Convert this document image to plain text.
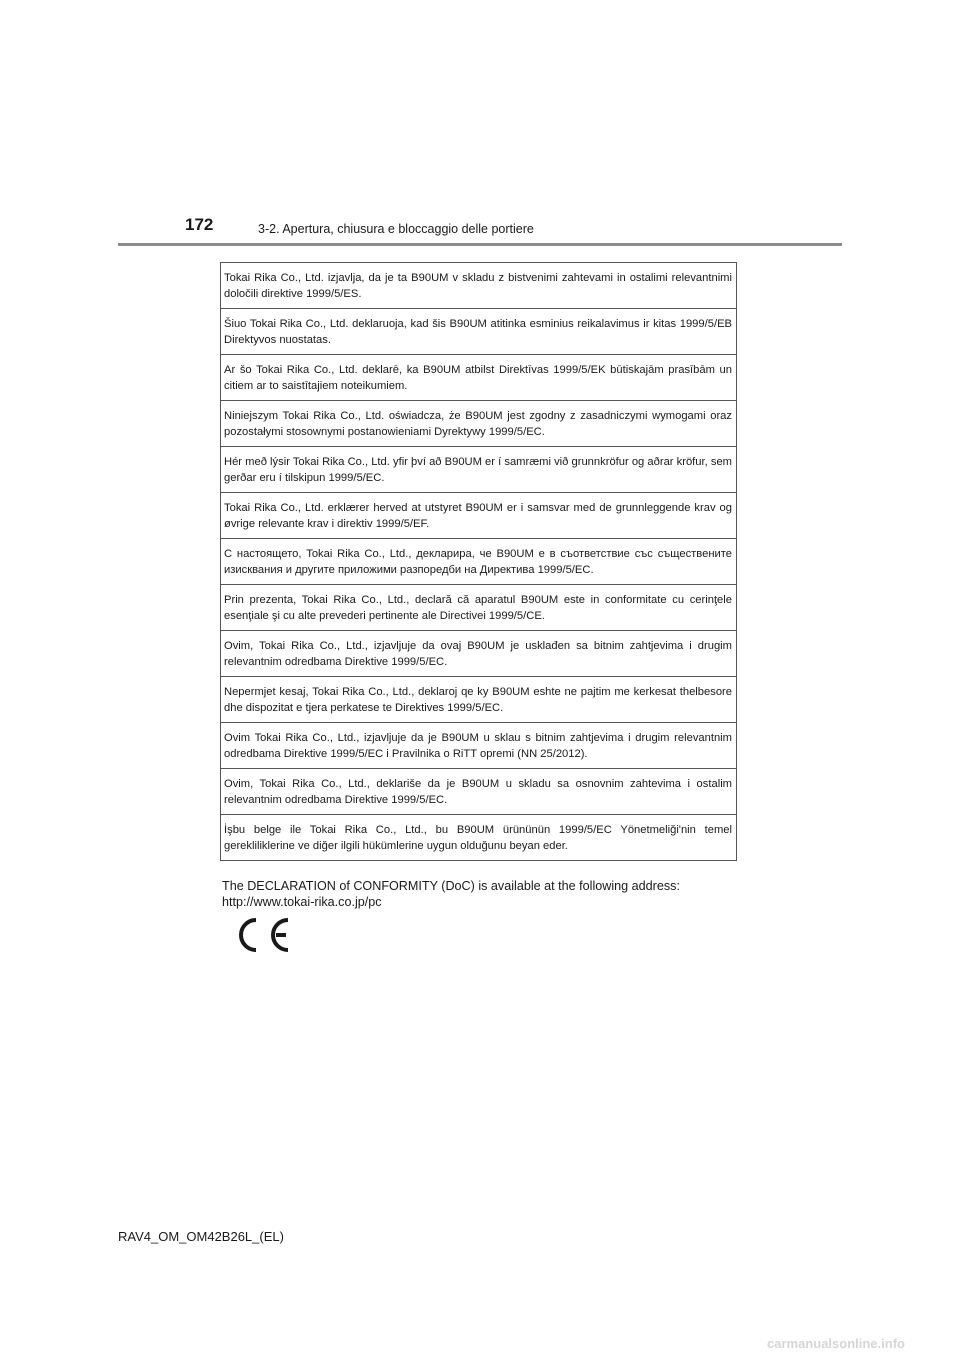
172	3-2. Apertura, chiusura e bloccaggio delle portiere
Tokai Rika Co., Ltd. izjavlja, da je ta B90UM v skladu z bistvenimi zahtevami in ostalimi relevantnimi določili direktive 1999/5/ES.
Šiuo Tokai Rika Co., Ltd. deklaruoja, kad šis B90UM atitinka esminius reikalavimus ir kitas 1999/5/EB Direktyvos nuostatas.
Ar šo Tokai Rika Co., Ltd. deklarē, ka B90UM atbilst Direktīvas 1999/5/EK būtiskajām prasībām un citiem ar to saistītajiem noteikumiem.
Niniejszym Tokai Rika Co., Ltd. oświadcza, że B90UM jest zgodny z zasadniczymi wymogami oraz pozostałymi stosownymi postanowieniami Dyrektywy 1999/5/EC.
Hér með lýsir Tokai Rika Co., Ltd. yfir því að B90UM er í samræmi við grunnkröfur og aðrar kröfur, sem gerðar eru í tilskipun 1999/5/EC.
Tokai Rika Co., Ltd. erklærer herved at utstyret B90UM er i samsvar med de grunnleggende krav og øvrige relevante krav i direktiv 1999/5/EF.
С настоящето, Tokai Rika Co., Ltd., декларира, че B90UM е в съответствие със съществените изисквания и другите приложими разпоредби на Директива 1999/5/EC.
Prin prezenta, Tokai Rika Co., Ltd., declară că aparatul B90UM este in conformitate cu cerinţele esenţiale şi cu alte prevederi pertinente ale Directivei 1999/5/CE.
Ovim, Tokai Rika Co., Ltd., izjavljuje da ovaj B90UM je usklađen sa bitnim zahtjevima i drugim relevantnim odredbama Direktive 1999/5/EC.
Nepermjet kesaj, Tokai Rika Co., Ltd., deklaroj qe ky B90UM eshte ne pajtim me kerkesat thelbesore dhe dispozitat e tjera perkatese te Direktives 1999/5/EC.
Ovim Tokai Rika Co., Ltd., izjavljuje da je B90UM u sklau s bitnim zahtjevima i drugim relevantnim odredbama Direktive 1999/5/EC i Pravilnika o RiTT opremi (NN 25/2012).
Ovim, Tokai Rika Co., Ltd., deklariše da je B90UM u skladu sa osnovnim zahtevima i ostalim relevantnim odredbama Direktive 1999/5/EC.
İşbu belge ile Tokai Rika Co., Ltd., bu B90UM ürününün 1999/5/EC Yönetmeliği'nin temel gerekliliklerine ve diğer ilgili hükümlerine uygun olduğunu beyan eder.
The DECLARATION of CONFORMITY (DoC) is available at the following address:
http://www.tokai-rika.co.jp/pc
RAV4_OM_OM42B26L_(EL)
carmanualsonline.info
